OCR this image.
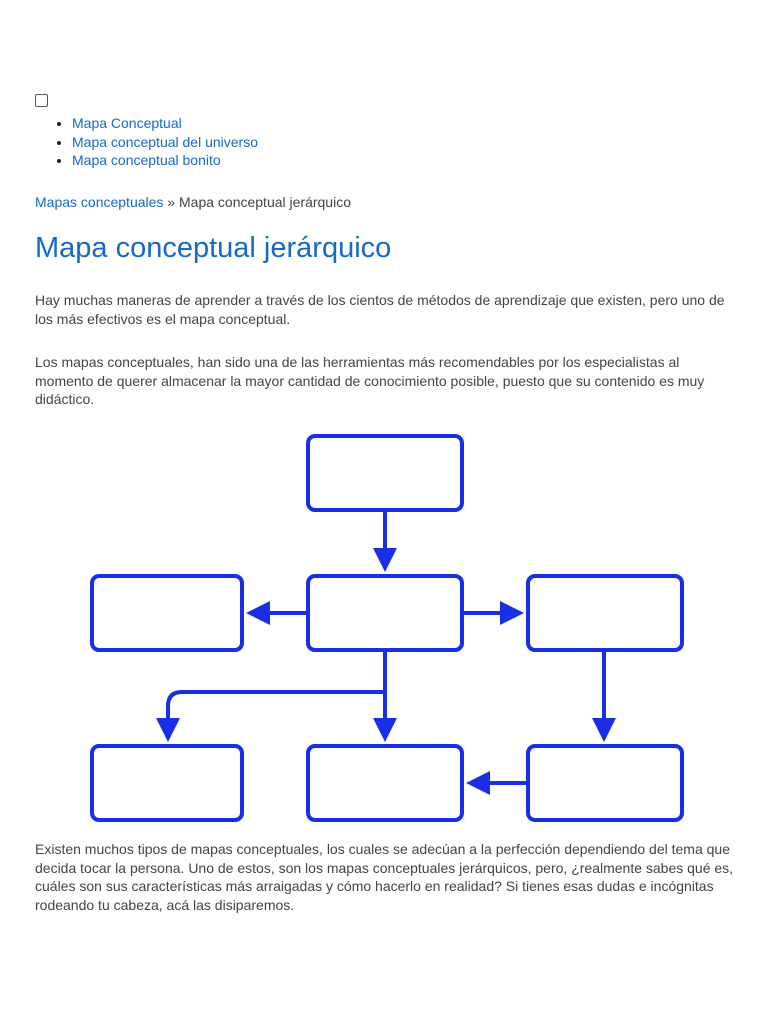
• Mapa Conceptual
• Mapa conceptual del universo
• Mapa conceptual bonito
Mapas conceptuales » Mapa conceptual jerárquico
Mapa conceptual jerárquico

Hay muchas maneras de aprender a través de los cientos de métodos de aprendizaje que existen, pero uno de los más efectivos es el mapa conceptual.

Los mapas conceptuales, han sido una de las herramientas más recomendables por los especialistas al momento de querer almacenar la mayor cantidad de conocimiento posible, puesto que su contenido es muy didáctico.

Existen muchos tipos de mapas conceptuales, los cuales se adecúan a la perfección dependiendo del tema que decida tocar la persona. Uno de estos, son los mapas conceptuales jerárquicos, pero, ¿realmente sabes qué es, cuáles son sus características más arraigadas y cómo hacerlo en realidad? Si tienes esas dudas e incógnitas rodeando tu cabeza, acá las disiparemos.
